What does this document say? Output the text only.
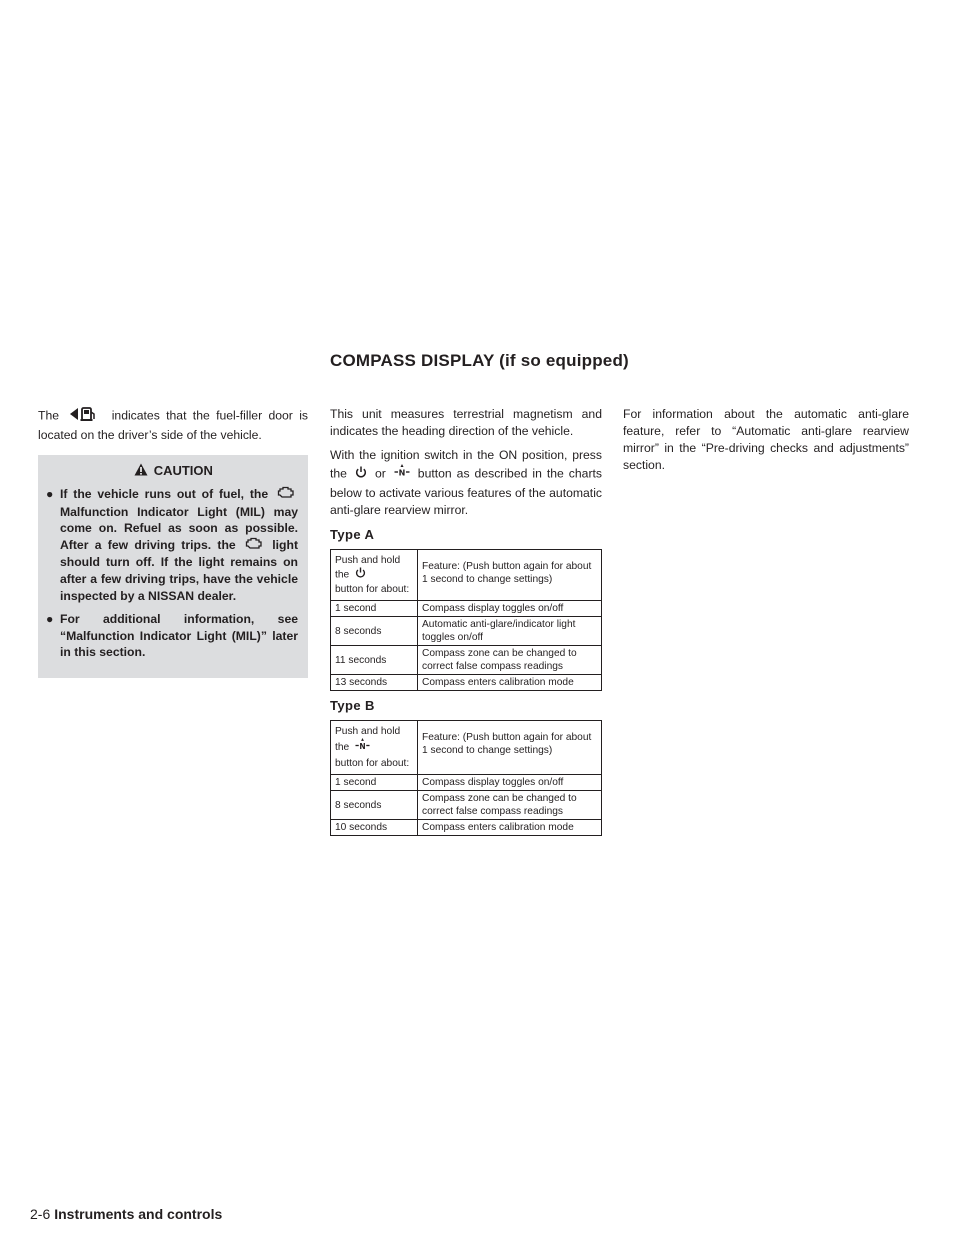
COMPASS DISPLAY (if so equipped)

The	indicates that the fuel-filler door is located on the driver’s side of the vehicle.

CAUTION
● If the vehicle runs out of fuel, the  Malfunction Indicator Light (MIL) may come on. Refuel as soon as possible. After a few driving trips. the	light should turn off. If the light remains on after a few driving trips, have the vehicle inspected by a NISSAN dealer.
● For additional information, see “Malfunction Indicator Light (MIL)” later in this section.

This unit measures terrestrial magnetism and indicates the heading direction of the vehicle.

With the ignition switch in the ON position, press the or N button as described in the charts below to activate various features of the automatic anti-glare rearview mirror.

Type A
Push and hold
the
button for about:	Feature: (Push button again for about 1 second to change settings)
1 second	Compass display toggles on/off
8 seconds	Automatic anti-glare/indicator light toggles on/off
11 seconds	Compass zone can be changed to correct false compass readings
13 seconds	Compass enters calibration mode
Type B
Push and hold
the N
button for about:	Feature: (Push button again for about 1 second to change settings)
1 second	Compass display toggles on/off
8 seconds	Compass zone can be changed to correct false compass readings
10 seconds	Compass enters calibration mode

For information about the automatic anti-glare feature, refer to “Automatic anti-glare rearview mirror” in the “Pre-driving checks and adjustments” section.

2-6 Instruments and controls
